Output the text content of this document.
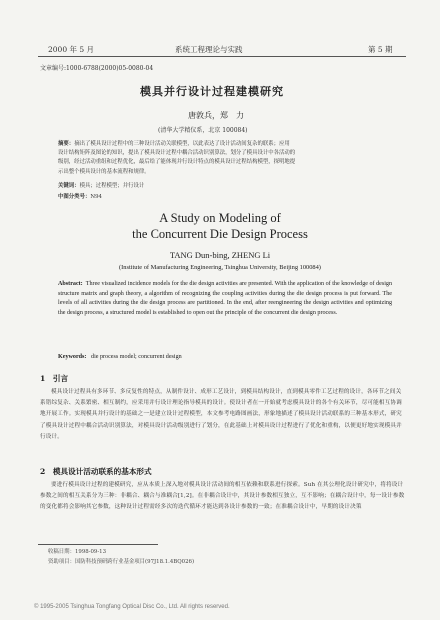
2000 年 5 月	系统工程理论与实践	第 5 期
文章编号:1000-6788(2000)05-0080-04
模具并行设计过程建模研究
唐敦兵，郑　力
(清华大学精仪系，北京 100084)
摘要：摘出了模具设计过程中的三种设计活动关联模型，以此表达了设计活动间复杂的联系；应用
设计结构矩阵及图论的知识，提出了模具设计过程中耦合活动识别算法，划分了模具设计中各活动的
级别，经过活动重组和过程优化，最后给了能体现并行设计特点的模具设计过程结构模型，探明地提
示出整个模具设计的基本流程和规律。
关键词：模具；过程模型；并行设计
中图分类号：N94
A Study on Modeling of
the Concurrent Die Design Process
TANG Dun-bing, ZHENG Li
(Institute of Manufacturing Engineering, Tsinghua University, Beijing 100084)
Abstract: Three visualized incidence models for the die design activities are presented. With the application of the knowledge of design structure matrix and graph theory, a algorithm of recognizing the coupling activities during the die design process is put forward. The levels of all activities during the die design process are partitioned. In the end, after reengineering the design activities and optimizing the design process, a structured model is established to open out the principle of the concurrent die design process.
Keywords: die process model; concurrent design
1　引言
模具设计过程具有多环节、多反复性的特点，从制件设计、成形工艺设计，到模具结构设计，直到模具零件工艺过程的设计，各环节之间关系错综复杂、关系繁密、相互制约，应采用并行设计理论指导模具的设计。使设计者在一开始就考虑模具设计的各个有关环节，尽可能相互协调地开展工作。实现模具并行设计的基础之一是建立设计过程模型，本文参考电路图画法，形象地描述了模具设计活动联系的三种基本形式，研究了模具设计过程中耦合活动识别算法，对模具设计活动级别进行了划分，在此基础上对模具设计过程进行了优化和重构，以便更好地实现模具并行设计。
2　模具设计活动联系的基本形式
要进行模具设计过程的建模研究，应从本质上深入地对模具设计活动间的相互依赖和联系进行探索。Suh 在其公理化设计研究中，将将设计参数之间的相互关系分为三种：非耦合、耦合与准耦合[1,2]。在非耦合设计中，其设计参数相互独立，互不影响；在耦合设计中，每一设计参数的变化都将会影响其它参数，这种设计过程需经多次的迭代循环才能达到各设计参数的一致；在准耦合设计中，早期的设计决策
收稿日期：1998-09-13
资助项目：国防科技预研跨行业基金项目(97J18.1.4BQ026)
© 1995-2005 Tsinghua Tongfang Optical Disc Co., Ltd. All rights reserved.
